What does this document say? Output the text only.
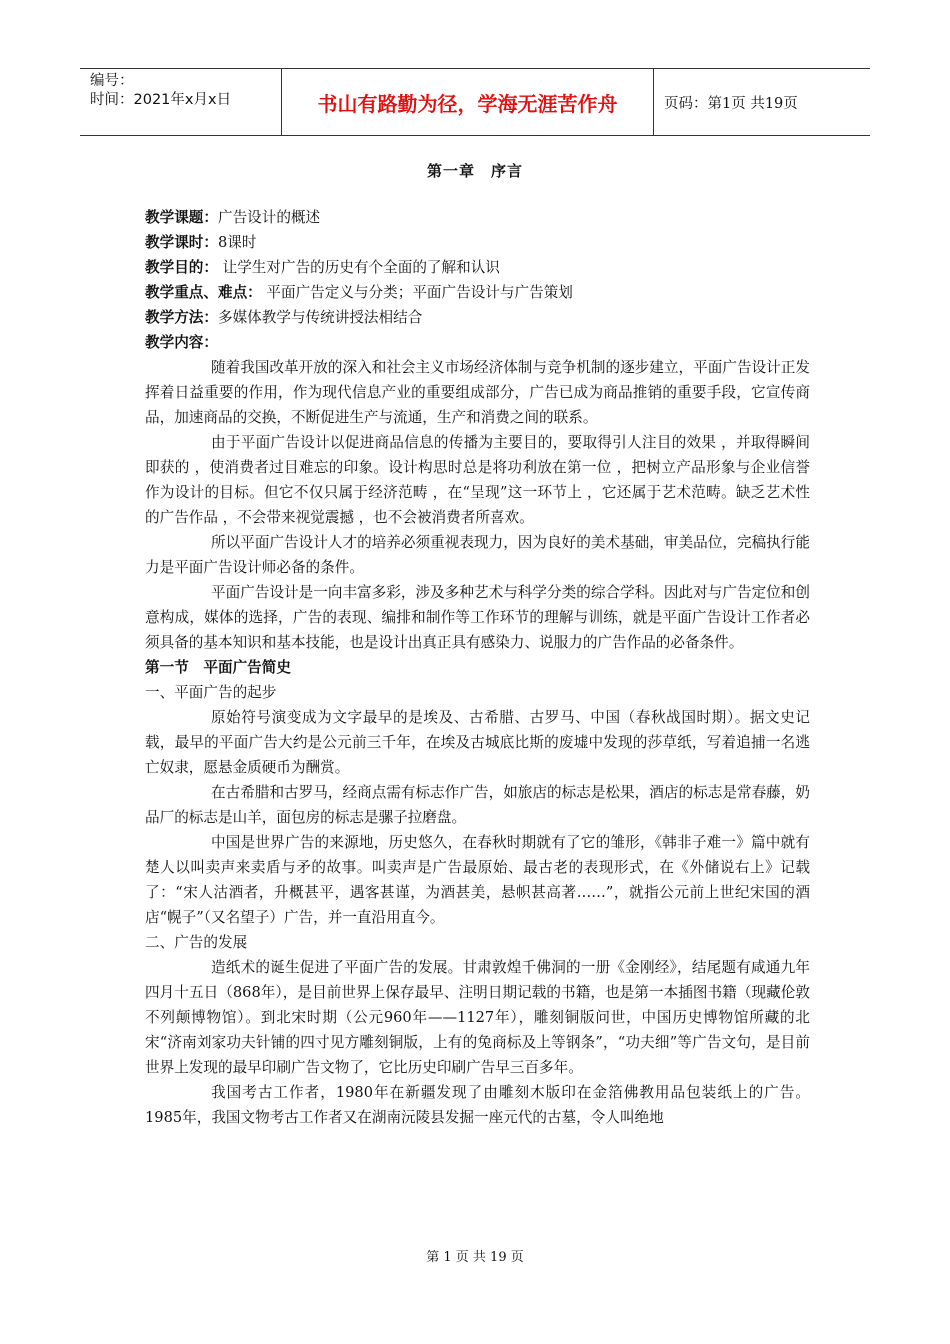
编号：
时间：2021年x月x日	书山有路勤为径，学海无涯苦作舟	页码：第1页 共19页
第一章　序言

教学课题：广告设计的概述

教学课时：8课时

教学目的： 让学生对广告的历史有个全面的了解和认识

教学重点、难点： 平面广告定义与分类；平面广告设计与广告策划

教学方法：多媒体教学与传统讲授法相结合

教学内容：

随着我国改革开放的深入和社会主义市场经济体制与竞争机制的逐步建立，平面广告设计正发挥着日益重要的作用，作为现代信息产业的重要组成部分，广告已成为商品推销的重要手段，它宣传商品，加速商品的交换，不断促进生产与流通，生产和消费之间的联系。

由于平面广告设计以促进商品信息的传播为主要目的，要取得引人注目的效果 ，并取得瞬间即获的 ，使消费者过目难忘的印象。设计构思时总是将功利放在第一位 ，把树立产品形象与企业信誉作为设计的目标。但它不仅只属于经济范畴 ，在“呈现”这一环节上 ，它还属于艺术范畴。缺乏艺术性的广告作品 ，不会带来视觉震撼 ，也不会被消费者所喜欢。

所以平面广告设计人才的培养必须重视表现力，因为良好的美术基础，审美品位，完稿执行能力是平面广告设计师必备的条件。

平面广告设计是一向丰富多彩，涉及多种艺术与科学分类的综合学科。因此对与广告定位和创意构成，媒体的选择，广告的表现、编排和制作等工作环节的理解与训练，就是平面广告设计工作者必须具备的基本知识和基本技能，也是设计出真正具有感染力、说服力的广告作品的必备条件。

第一节　平面广告简史

一、平面广告的起步

原始符号演变成为文字最早的是埃及、古希腊、古罗马、中国（春秋战国时期）。据文史记载，最早的平面广告大约是公元前三千年，在埃及古城底比斯的废墟中发现的莎草纸，写着追捕一名逃亡奴隶，愿悬金质硬币为酬赏。

在古希腊和古罗马，经商点需有标志作广告，如旅店的标志是松果，酒店的标志是常春藤，奶品厂的标志是山羊，面包房的标志是骡子拉磨盘。

中国是世界广告的来源地，历史悠久，在春秋时期就有了它的雏形，《韩非子难一》篇中就有楚人以叫卖声来卖盾与矛的故事。叫卖声是广告最原始、最古老的表现形式，在《外储说右上》记载了：“宋人沽酒者，升概甚平，遇客甚谨，为酒甚美，悬帜甚高著……”，就指公元前上世纪宋国的酒店“幌子”（又名望子）广告，并一直沿用直今。

二、广告的发展

造纸术的诞生促进了平面广告的发展。甘肃敦煌千佛洞的一册《金刚经》，结尾题有咸通九年四月十五日（868年），是目前世界上保存最早、注明日期记载的书籍，也是第一本插图书籍（现藏伦敦不列颠博物馆）。到北宋时期（公元960年——1127年），雕刻铜版问世，中国历史博物馆所藏的北宋“济南刘家功夫针铺的四寸见方雕刻铜版，上有的兔商标及上等钢条”，“功夫细”等广告文句，是目前世界上发现的最早印刷广告文物了，它比历史印刷广告早三百多年。

我国考古工作者，1980年在新疆发现了由雕刻木版印在金箔佛教用品包装纸上的广告。 1985年，我国文物考古工作者又在湖南沅陵县发掘一座元代的古墓，令人叫绝地

第 1 页 共 19 页
